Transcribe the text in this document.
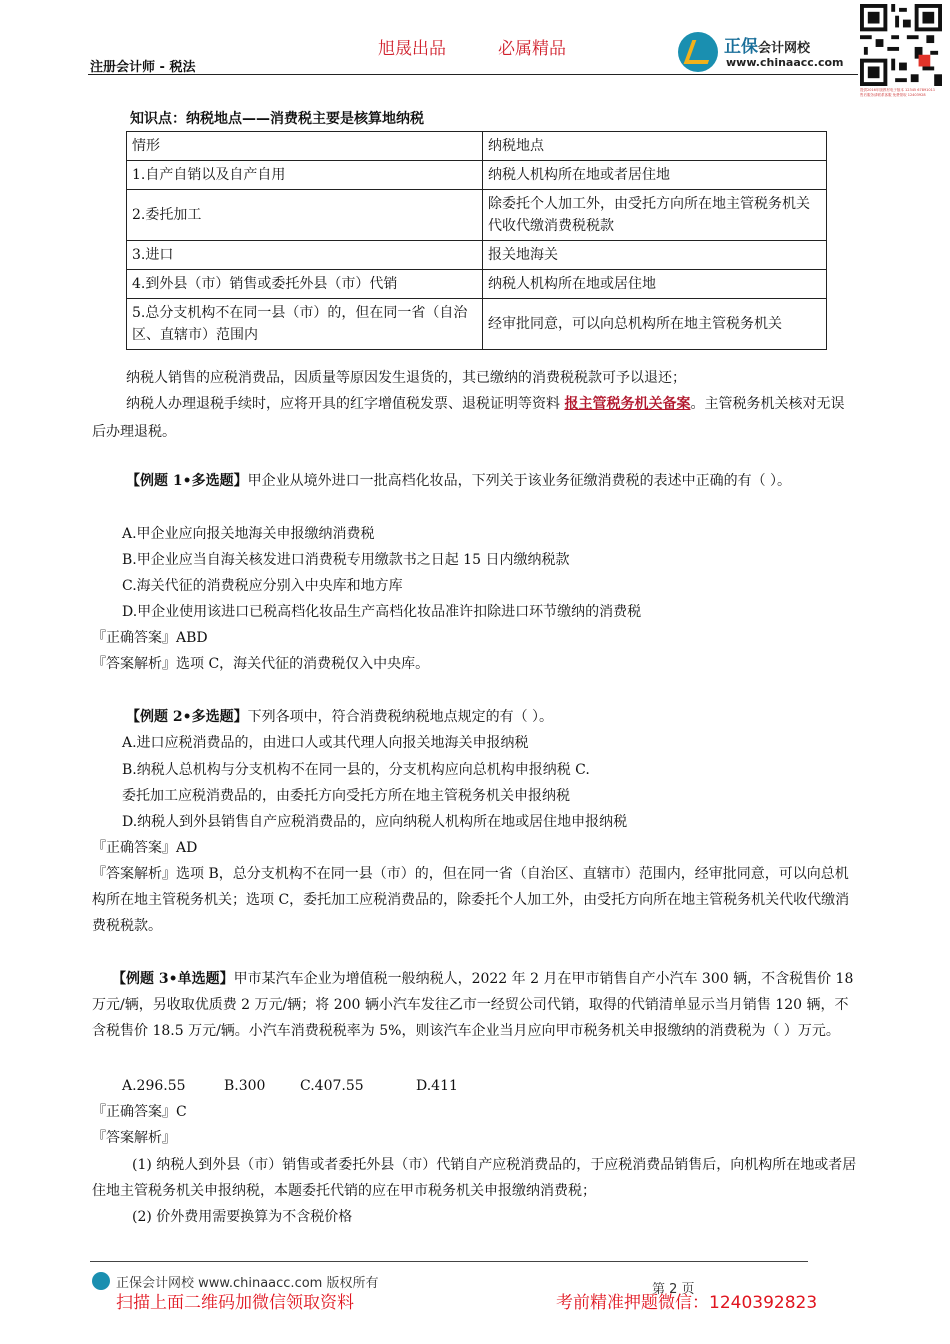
旭晟出品	必属精品
注册会计师 - 税法
正保会计网校
www.chinaacc.com
提供2016年版教材电子版本 12345 67891011
售后服务请联系客服 免费领取 12403928
知识点：纳税地点——消费税主要是核算地纳税
情形	纳税地点
1.自产自销以及自产自用	纳税人机构所在地或者居住地
2.委托加工	除委托个人加工外，由受托方向所在地主管税务机关代收代缴消费税税款
3.进口	报关地海关
4.到外县（市）销售或委托外县（市）代销	纳税人机构所在地或居住地
5.总分支机构不在同一县（市）的，但在同一省（自治区、直辖市）范围内	经审批同意，可以向总机构所在地主管税务机关
纳税人销售的应税消费品，因质量等原因发生退货的，其已缴纳的消费税税款可予以退还；
纳税人办理退税手续时，应将开具的红字增值税发票、退税证明等资料 报主管税务机关备案。主管税务机关核对无误后办理退税。
【例题 1•多选题】甲企业从境外进口一批高档化妆品，下列关于该业务征缴消费税的表述中正确的有（ ）。
A.甲企业应向报关地海关申报缴纳消费税
B.甲企业应当自海关核发进口消费税专用缴款书之日起 15 日内缴纳税款
C.海关代征的消费税应分别入中央库和地方库
D.甲企业使用该进口已税高档化妆品生产高档化妆品准许扣除进口环节缴纳的消费税
『正确答案』ABD
『答案解析』选项 C，海关代征的消费税仅入中央库。
【例题 2•多选题】下列各项中，符合消费税纳税地点规定的有（ ）。
A.进口应税消费品的，由进口人或其代理人向报关地海关申报纳税
B.纳税人总机构与分支机构不在同一县的，分支机构应向总机构申报纳税 C.
委托加工应税消费品的，由委托方向受托方所在地主管税务机关申报纳税
D.纳税人到外县销售自产应税消费品的，应向纳税人机构所在地或居住地申报纳税
『正确答案』AD
『答案解析』选项 B，总分支机构不在同一县（市）的，但在同一省（自治区、直辖市）范围内，经审批同意，可以向总机构所在地主管税务机关；选项 C，委托加工应税消费品的，除委托个人加工外，由受托方向所在地主管税务机关代收代缴消费税税款。
【例题 3•单选题】甲市某汽车企业为增值税一般纳税人，2022 年 2 月在甲市销售自产小汽车 300 辆，不含税售价 18 万元/辆，另收取优质费 2 万元/辆；将 200 辆小汽车发往乙市一经贸公司代销，取得的代销清单显示当月销售 120 辆，不含税售价 18.5 万元/辆。小汽车消费税税率为 5%，则该汽车企业当月应向甲市税务机关申报缴纳的消费税为（ ）万元。
A.296.55	B.300 C.407.55	D.411
『正确答案』C
『答案解析』
(1) 纳税人到外县（市）销售或者委托外县（市）代销自产应税消费品的，于应税消费品销售后，向机构所在地或者居住地主管税务机关申报纳税，本题委托代销的应在甲市税务机关申报缴纳消费税；
(2) 价外费用需要换算为不含税价格
正保会计网校 www.chinaacc.com 版权所有	第 2 页
扫描上面二维码加微信领取资料	考前精准押题微信：1240392823
